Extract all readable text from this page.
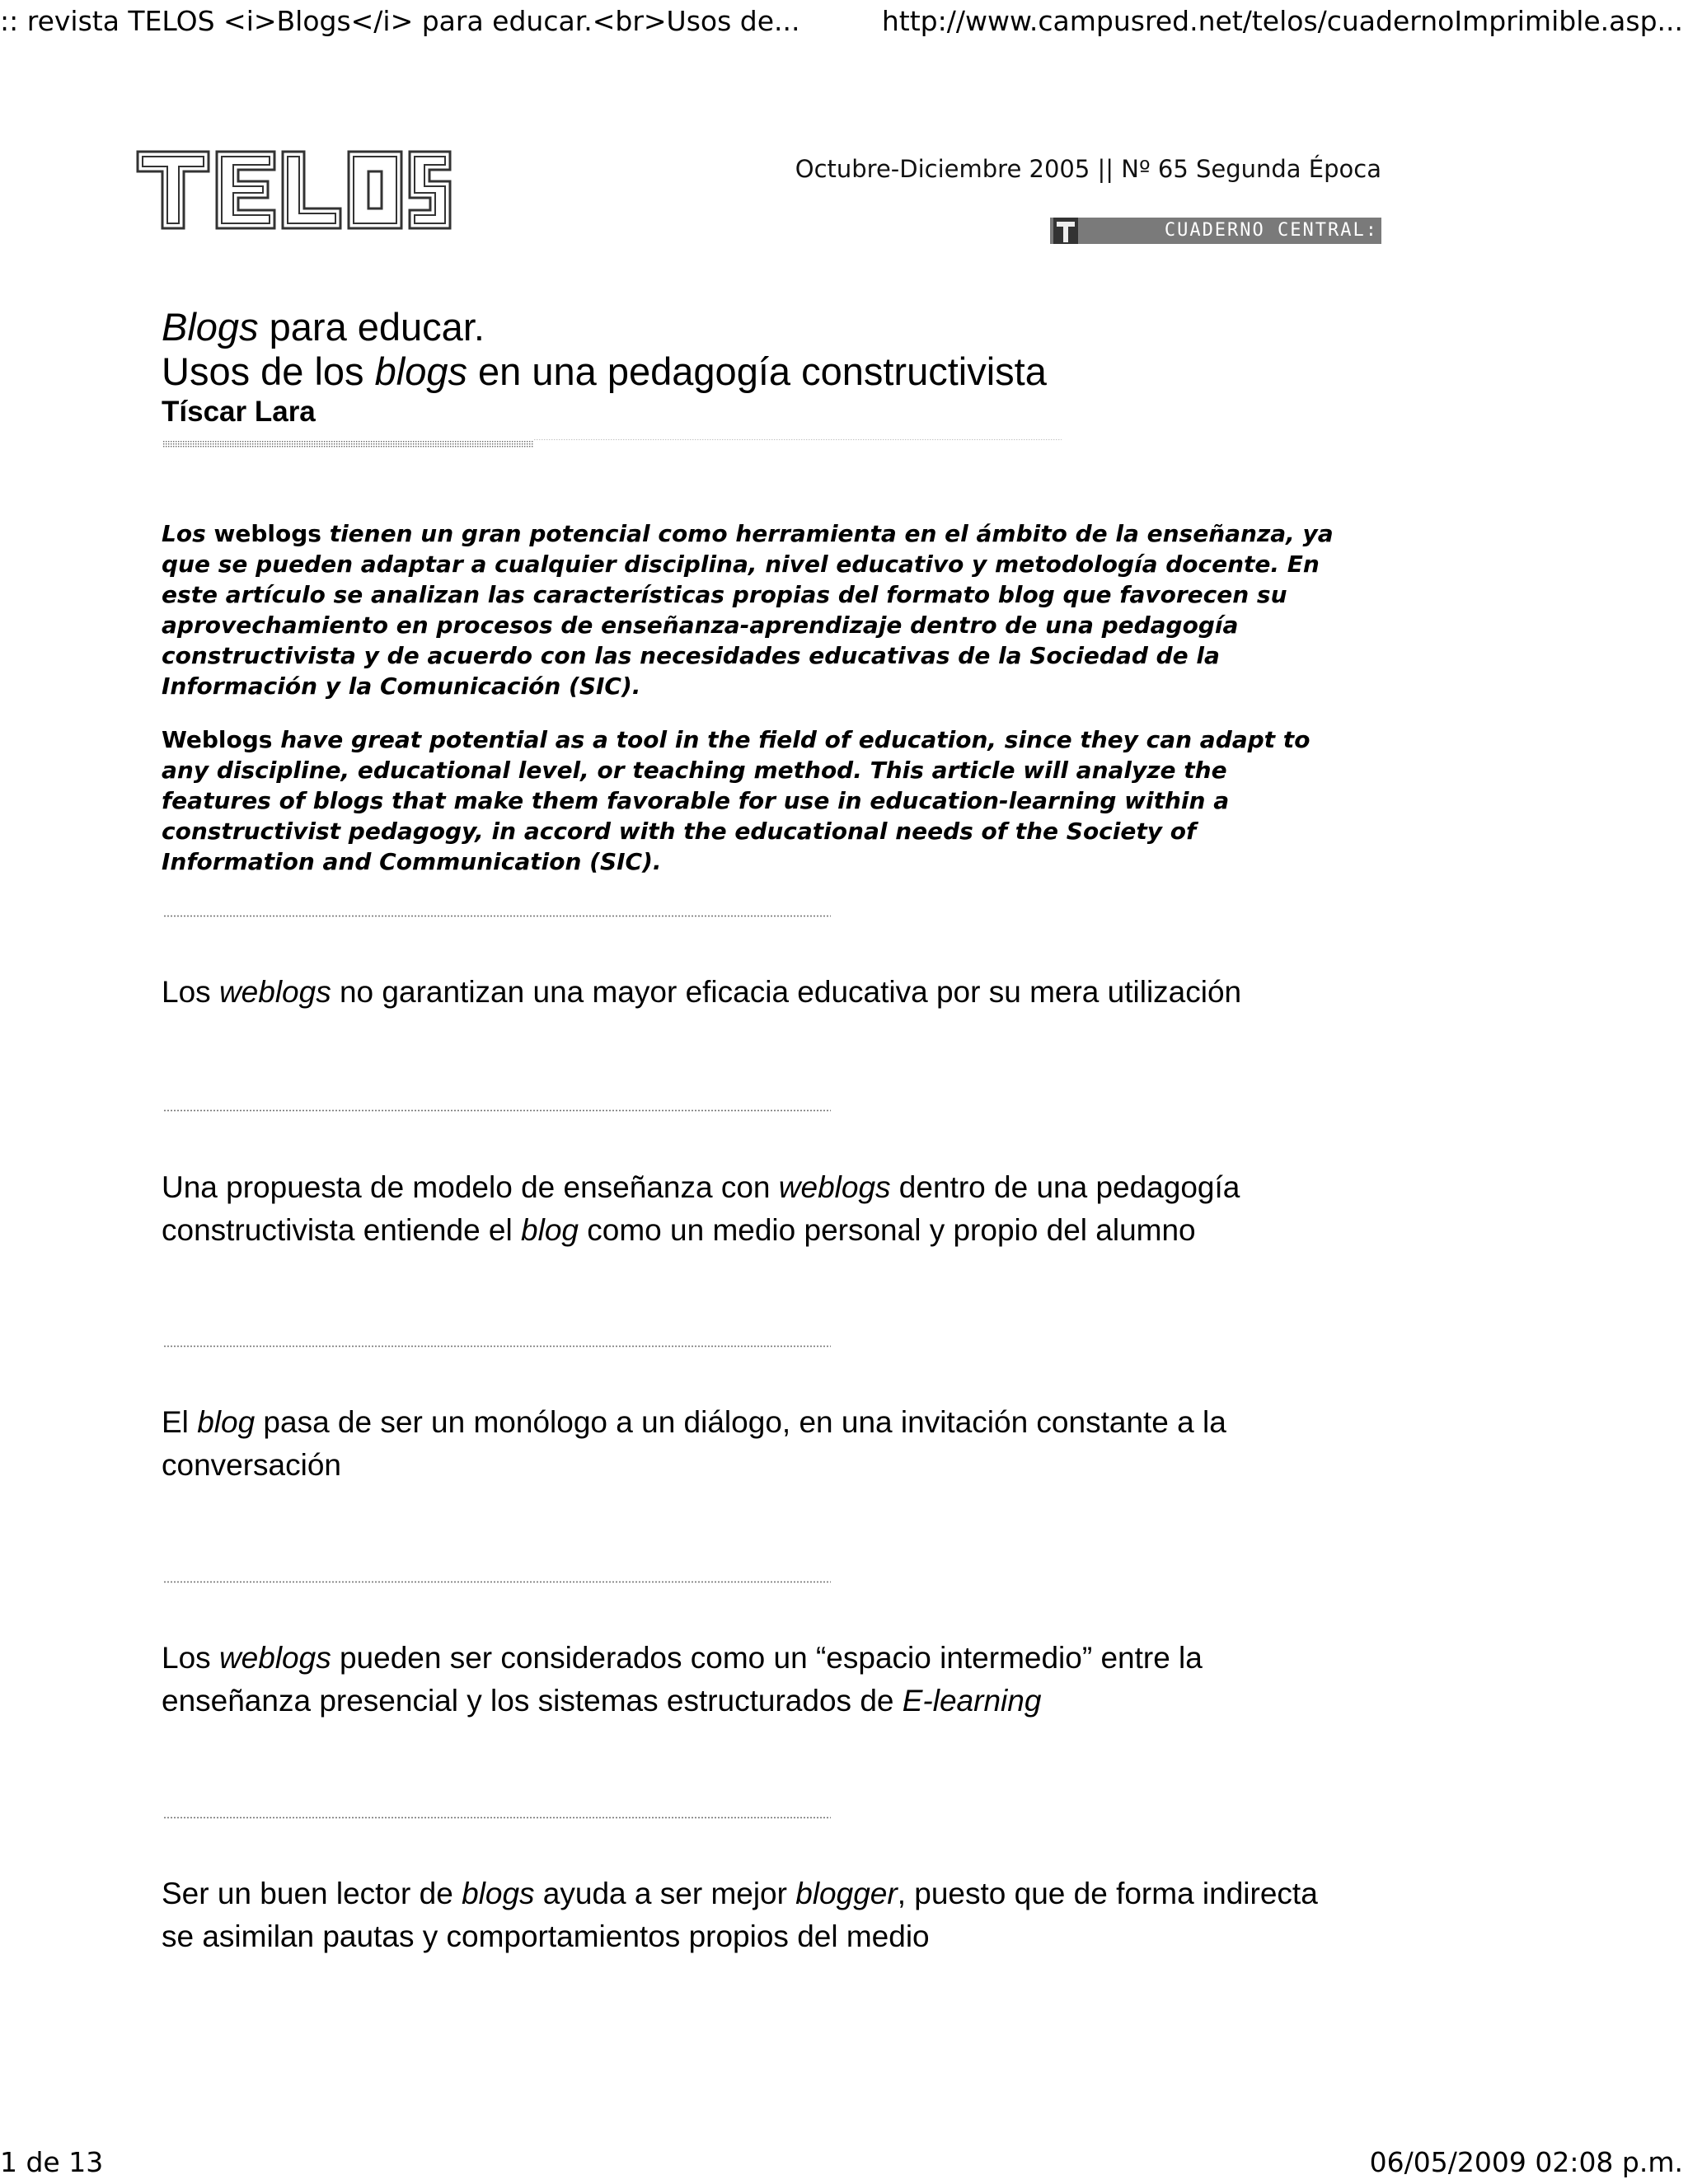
:: revista TELOS <i>Blogs</i> para educar.<br>Usos de...	http://www.campusred.net/telos/cuadernoImprimible.asp...
Octubre-Diciembre 2005 || Nº 65 Segunda Época
CUADERNO CENTRAL:
Blogs para educar.
Usos de los blogs en una pedagogía constructivista
Tíscar Lara

Los weblogs tienen un gran potencial como herramienta en el ámbito de la enseñanza, ya que se pueden adaptar a cualquier disciplina, nivel educativo y metodología docente. En este artículo se analizan las características propias del formato blog que favorecen su aprovechamiento en procesos de enseñanza-aprendizaje dentro de una pedagogía constructivista y de acuerdo con las necesidades educativas de la Sociedad de la Información y la Comunicación (SIC).

Weblogs have great potential as a tool in the field of education, since they can adapt to any discipline, educational level, or teaching method. This article will analyze the features of blogs that make them favorable for use in education-learning within a constructivist pedagogy, in accord with the educational needs of the Society of Information and Communication (SIC).

Los weblogs no garantizan una mayor eficacia educativa por su mera utilización

Una propuesta de modelo de enseñanza con weblogs dentro de una pedagogía constructivista entiende el blog como un medio personal y propio del alumno

El blog pasa de ser un monólogo a un diálogo, en una invitación constante a la conversación

Los weblogs pueden ser considerados como un “espacio intermedio” entre la enseñanza presencial y los sistemas estructurados de E-learning

Ser un buen lector de blogs ayuda a ser mejor blogger, puesto que de forma indirecta se asimilan pautas y comportamientos propios del medio

1 de 13	06/05/2009 02:08 p.m.
